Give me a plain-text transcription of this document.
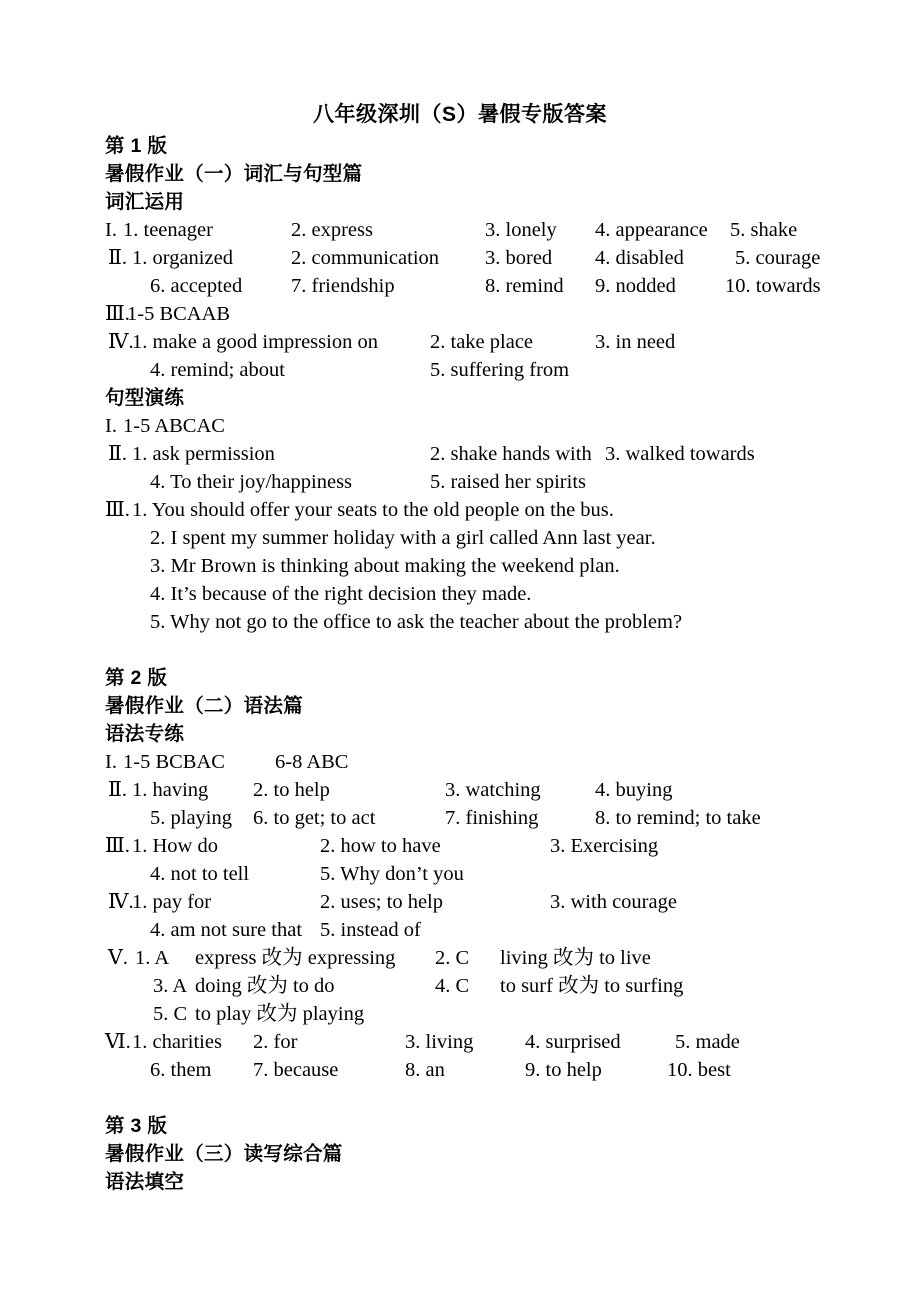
八年级深圳（S）暑假专版答案
第 1 版
暑假作业（一）词汇与句型篇
词汇运用
I. 1. teenager	2. express	3. lonely 4. appearance 5. shake
Ⅱ. 1. organized	2. communication 3. bored 4. disabled 5. courage
6. accepted 7. friendship	8. remind 9. nodded 10. towards
Ⅲ.
1-5 BCAAB
Ⅳ.
1. make a good impression on	2. take place	3. in need
4. remind; about	5. suffering from
句型演练
I. 1-5 ABCAC
Ⅱ. 1. ask permission	2. shake hands with 3. walked towards
4. To their joy/happiness	5. raised her spirits
Ⅲ. 1. You should offer your seats to the old people on the bus.
2. I spent my summer holiday with a girl called Ann last year.
3. Mr Brown is thinking about making the weekend plan.
4. It’s because of the right decision they made.
5. Why not go to the office to ask the teacher about the problem?
第 2 版
暑假作业（二）语法篇
语法专练
I. 1-5 BCBAC 6-8 ABC
Ⅱ. 1. having 2. to help	3. watching	4. buying
5. playing 6. to get; to act	7. finishing	8. to remind; to take
Ⅲ. 1. How do	2. how to have	3. Exercising
4. not to tell	5. Why don’t you
Ⅳ.
1. pay for	2. uses; to help	3. with courage
4. am not sure that 5. instead of
Ⅴ. 1. A express 改为 expressing 2. C living 改为 to live
3. A doing 改为 to do	4. C to surf 改为 to surfing
5. C to play 改为 playing
Ⅵ. 1. charities 2. for	3. living	4. surprised	5. made
6. them 7. because	8. an	9. to help	10. best
第 3 版
暑假作业（三）读写综合篇
语法填空
